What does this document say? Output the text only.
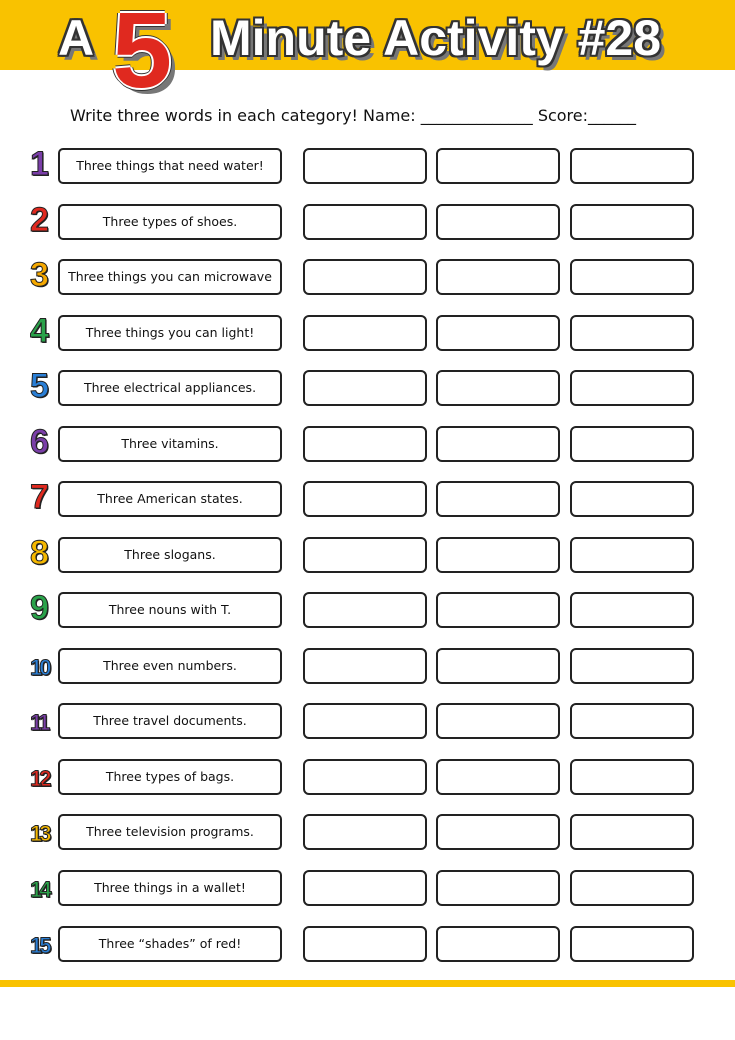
A 5 Minute Activity #28
Write three words in each category! Name: ______________ Score:______
1	Three things that need water!
2	Three types of shoes.
3	Three things you can microwave
4	Three things you can light!
5	Three electrical appliances.
6	Three vitamins.
7	Three American states.
8	Three slogans.
9	Three nouns with T.
10	Three even numbers.
11	Three travel documents.
12	Three types of bags.
13	Three television programs.
14	Three things in a wallet!
15	Three “shades” of red!
